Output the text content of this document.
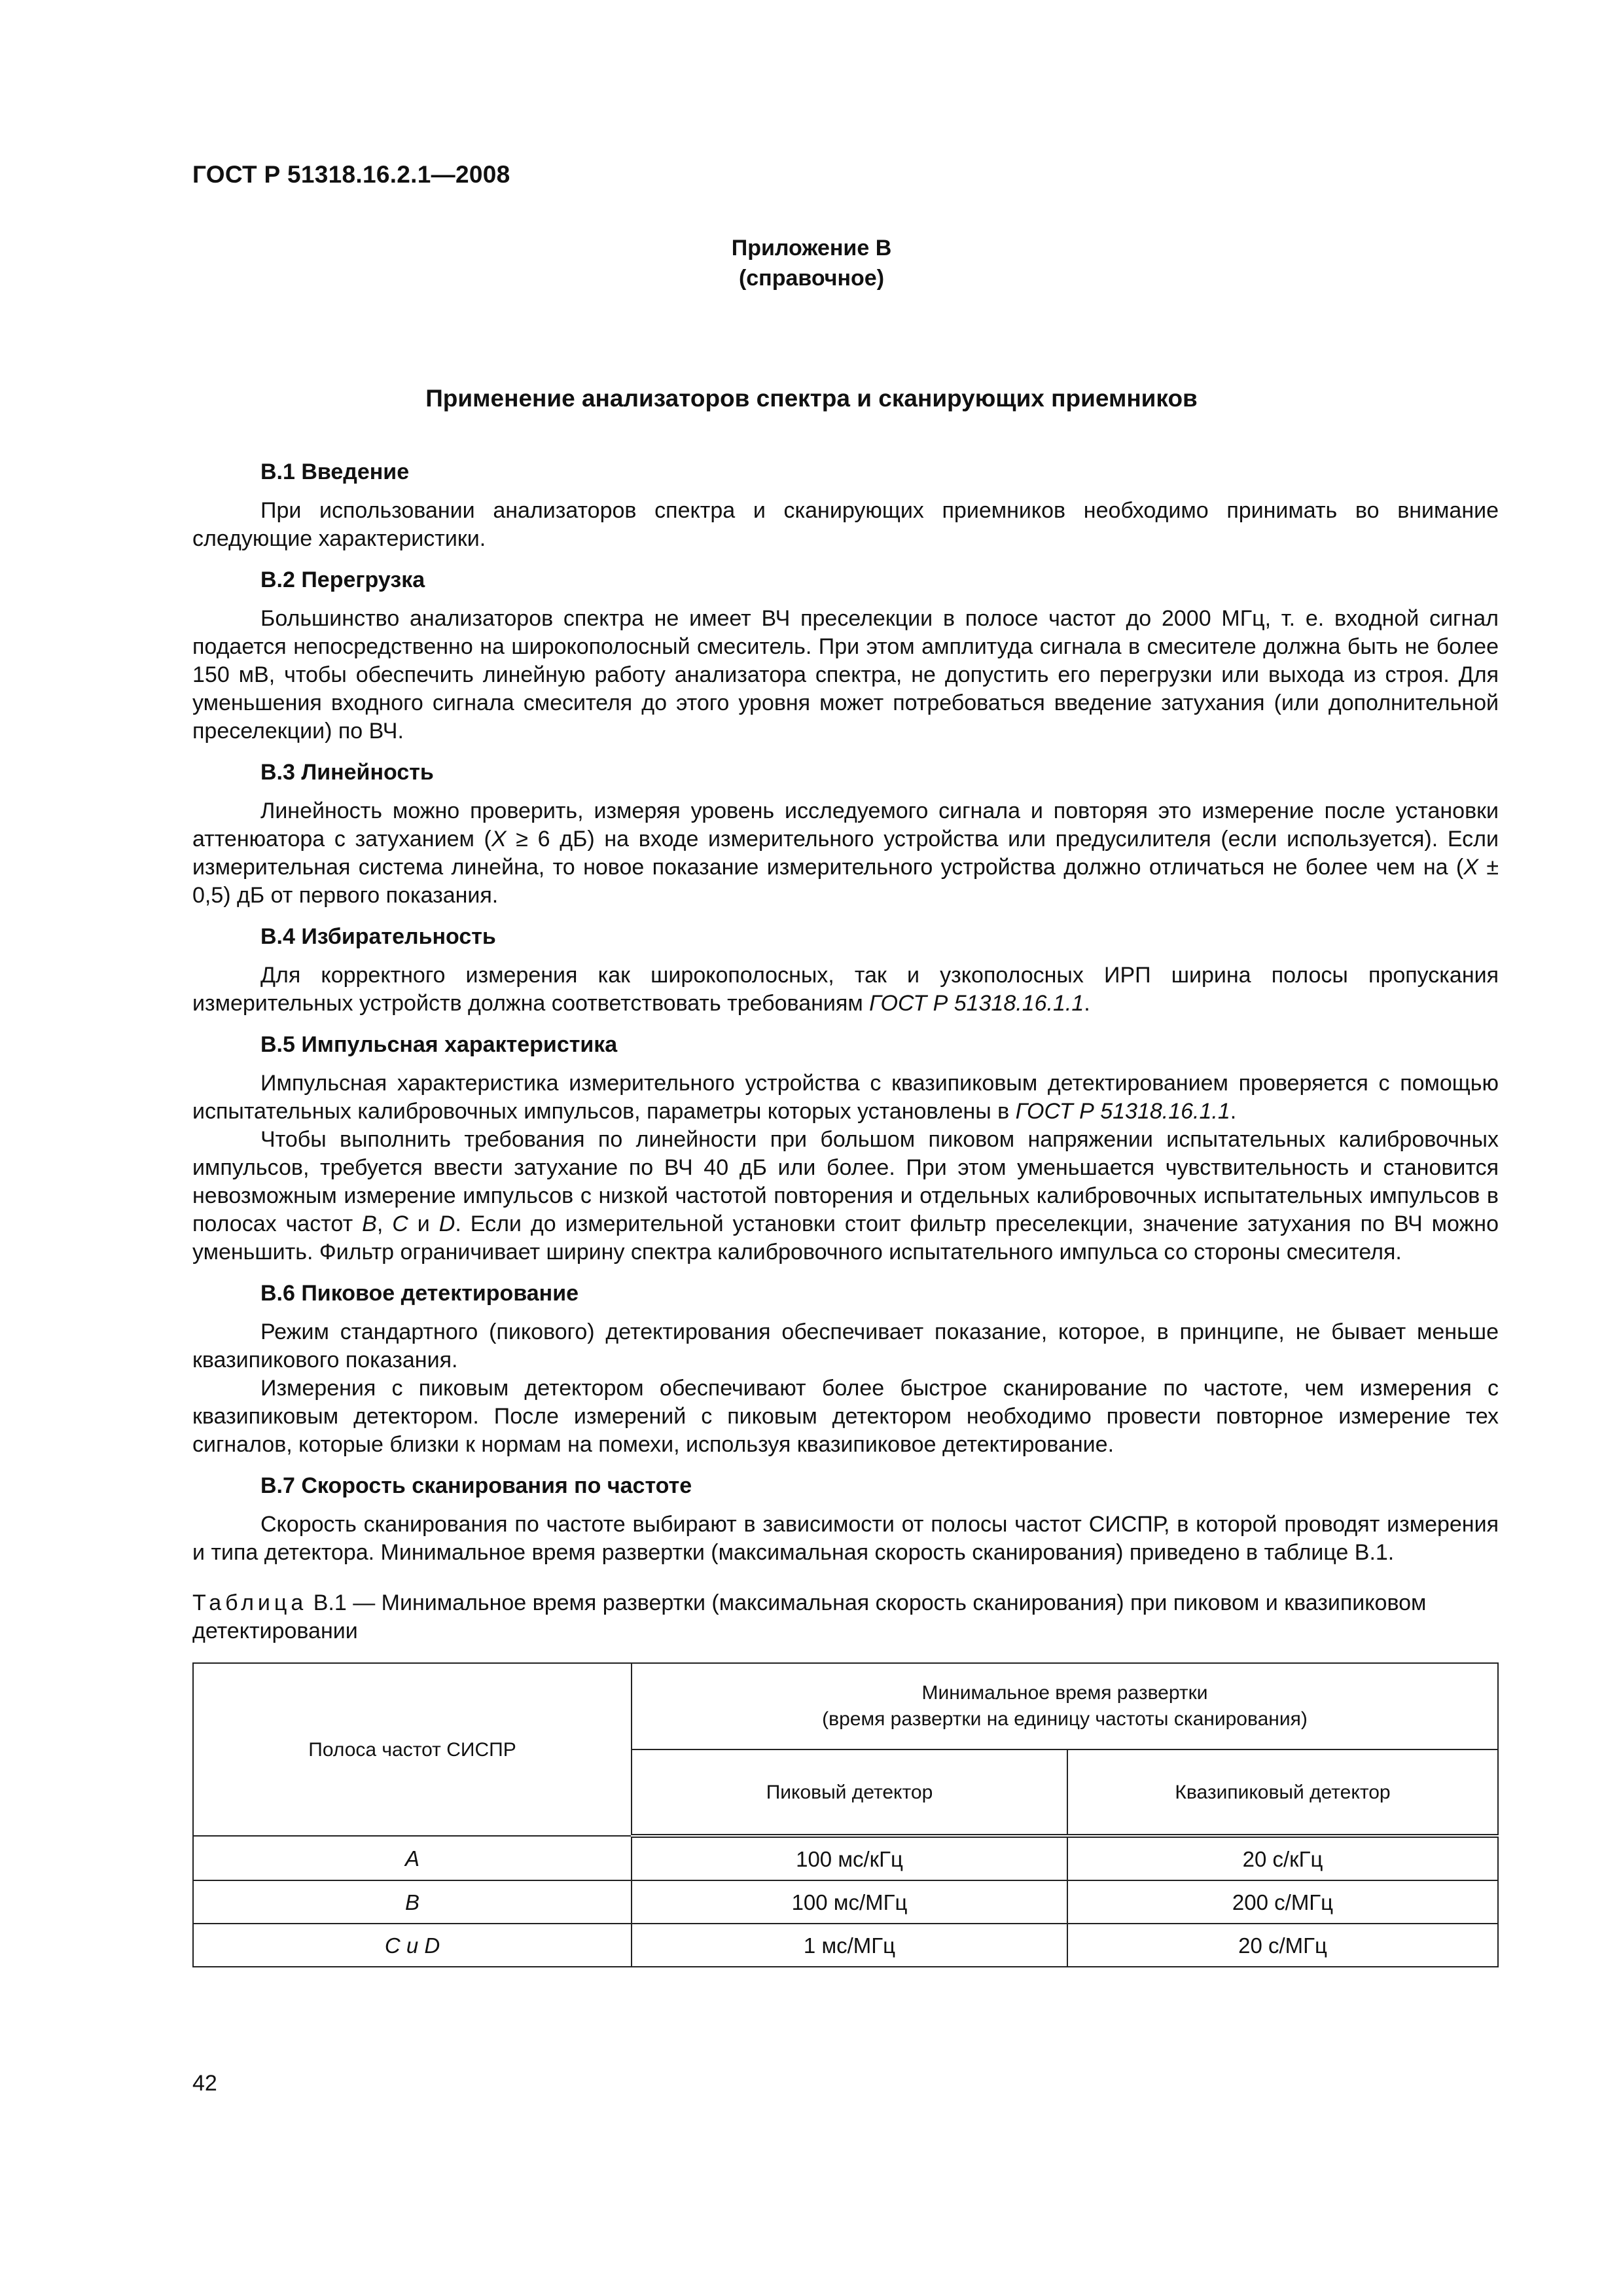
ГОСТ Р 51318.16.2.1—2008
Приложение В
(справочное)
Применение анализаторов спектра и сканирующих приемников
В.1 Введение

При использовании анализаторов спектра и сканирующих приемников необходимо принимать во внимание следующие характеристики.

В.2 Перегрузка

Большинство анализаторов спектра не имеет ВЧ преселекции в полосе частот до 2000 МГц, т. е. входной сигнал подается непосредственно на широкополосный смеситель. При этом амплитуда сигнала в смесителе должна быть не более 150 мВ, чтобы обеспечить линейную работу анализатора спектра, не допустить его перегрузки или выхода из строя. Для уменьшения входного сигнала смесителя до этого уровня может потребоваться введение затухания (или дополнительной преселекции) по ВЧ.

В.3 Линейность

Линейность можно проверить, измеряя уровень исследуемого сигнала и повторяя это измерение после установки аттенюатора с затуханием (X ≥ 6 дБ) на входе измерительного устройства или предусилителя (если используется). Если измерительная система линейна, то новое показание измерительного устройства должно отличаться не более чем на (X ± 0,5) дБ от первого показания.

В.4 Избирательность

Для корректного измерения как широкополосных, так и узкополосных ИРП ширина полосы пропускания измерительных устройств должна соответствовать требованиям ГОСТ Р 51318.16.1.1.

В.5 Импульсная характеристика

Импульсная характеристика измерительного устройства с квазипиковым детектированием проверяется с помощью испытательных калибровочных импульсов, параметры которых установлены в ГОСТ Р 51318.16.1.1.

Чтобы выполнить требования по линейности при большом пиковом напряжении испытательных калибровочных импульсов, требуется ввести затухание по ВЧ 40 дБ или более. При этом уменьшается чувствительность и становится невозможным измерение импульсов с низкой частотой повторения и отдельных калибровочных испытательных импульсов в полосах частот B, C и D. Если до измерительной установки стоит фильтр преселекции, значение затухания по ВЧ можно уменьшить. Фильтр ограничивает ширину спектра калибровочного испытательного импульса со стороны смесителя.

В.6 Пиковое детектирование

Режим стандартного (пикового) детектирования обеспечивает показание, которое, в принципе, не бывает меньше квазипикового показания.

Измерения с пиковым детектором обеспечивают более быстрое сканирование по частоте, чем измерения с квазипиковым детектором. После измерений с пиковым детектором необходимо провести повторное измерение тех сигналов, которые близки к нормам на помехи, используя квазипиковое детектирование.

В.7 Скорость сканирования по частоте

Скорость сканирования по частоте выбирают в зависимости от полосы частот СИСПР, в которой проводят измерения и типа детектора. Минимальное время развертки (максимальная скорость сканирования) приведено в таблице В.1.

Таблица В.1 — Минимальное время развертки (максимальная скорость сканирования) при пиковом и квазипиковом детектировании
Полоса частот СИСПР	Минимальное время развертки
(время развертки на единицу частоты сканирования)	

	Пиковый детектор	Квазипиковый детектор
A	100 мс/кГц	20 с/кГц
B	100 мс/МГц	200 с/МГц
C и D	1 мс/МГц	20 с/МГц
42
